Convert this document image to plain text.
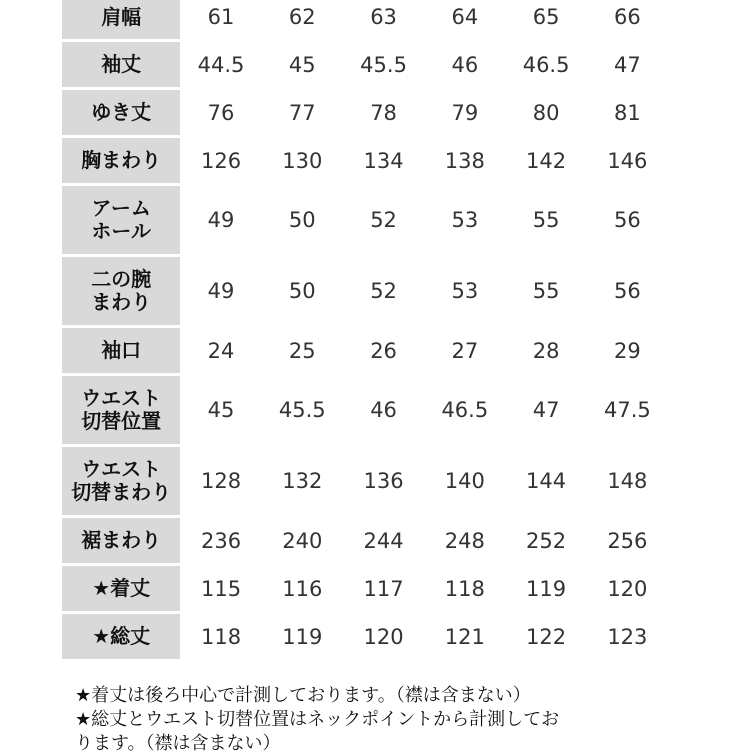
肩幅	61	62	63	64	65	66

袖丈	44.5	45	45.5	46	46.5	47

ゆき丈	76	77	78	79	80	81

胸まわり	126	130	134	138	142	146

アーム
ホール	49	50	52	53	55	56

二の腕
まわり	49	50	52	53	55	56

袖口	24	25	26	27	28	29

ウエスト
切替位置	45	45.5	46	46.5	47	47.5

ウエスト
切替まわり	128	132	136	140	144	148

裾まわり	236	240	244	248	252	256

★着丈	115	116	117	118	119	120

★総丈	118	119	120	121	122	123
★着丈は後ろ中心で計測しております。（襟は含まない）
★総丈とウエスト切替位置はネックポイントから計測してお
ります。（襟は含まない）
